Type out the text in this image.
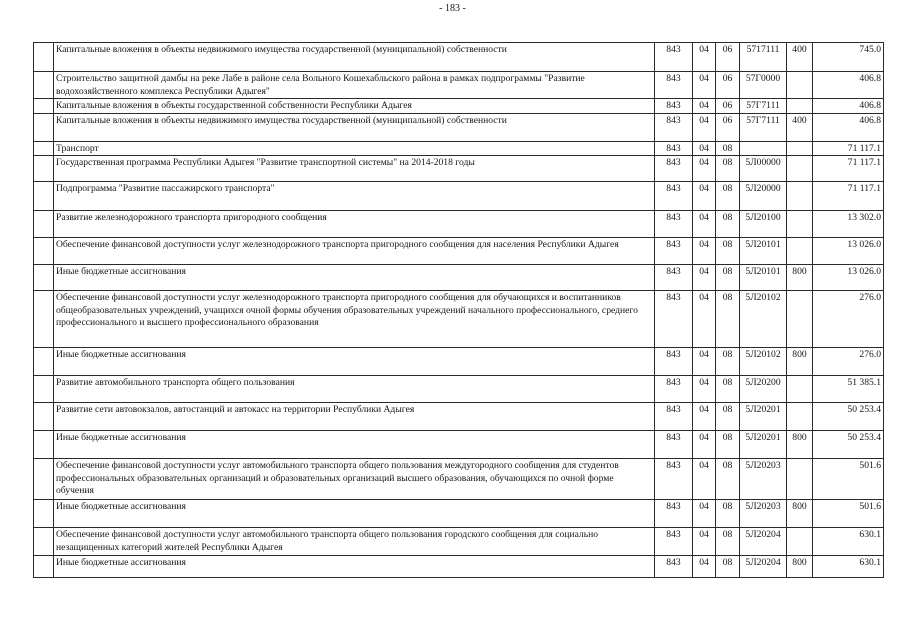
- 183 -
	Капитальные вложения в объекты недвижимого имущества государственной (муниципальной) собственности	843	04	06	5717111	400	745.0
	Строительство защитной дамбы на реке Лабе в районе села Вольного Кошехабльского района в рамках подпрограммы "Развитие водохозяйственного комплекса Республики Адыгея"	843	04	06	57Г0000		406.8
	Капитальные вложения в объекты государственной собственности Республики Адыгея	843	04	06	57Г7111		406.8
	Капитальные вложения в объекты недвижимого имущества государственной (муниципальной) собственности	843	04	06	57Г7111	400	406.8
	Транспорт	843	04	08			71 117.1
	Государственная программа Республики Адыгея "Развитие транспортной системы" на 2014-2018 годы	843	04	08	5Л00000		71 117.1
	Подпрограмма "Развитие пассажирского транспорта"	843	04	08	5Л20000		71 117.1
	Развитие железнодорожного транспорта пригородного сообщения	843	04	08	5Л20100		13 302.0
	Обеспечение финансовой доступности услуг железнодорожного транспорта пригородного сообщения для населения Республики Адыгея	843	04	08	5Л20101		13 026.0
	Иные бюджетные ассигнования	843	04	08	5Л20101	800	13 026.0
	Обеспечение финансовой доступности услуг железнодорожного транспорта пригородного сообщения для обучающихся и воспитанников общеобразовательных учреждений, учащихся очной формы обучения образовательных учреждений начального профессионального, среднего профессионального и высшего профессионального образования	843	04	08	5Л20102		276.0
	Иные бюджетные ассигнования	843	04	08	5Л20102	800	276.0
	Развитие автомобильного транспорта общего пользования	843	04	08	5Л20200		51 385.1
	Развитие сети автовокзалов, автостанций и автокасс на территории Республики Адыгея	843	04	08	5Л20201		50 253.4
	Иные бюджетные ассигнования	843	04	08	5Л20201	800	50 253.4
	Обеспечение финансовой доступности услуг автомобильного транспорта общего пользования междугородного сообщения для студентов профессиональных образовательных организаций и образовательных организаций высшего образования, обучающихся по очной форме обучения	843	04	08	5Л20203		501.6
	Иные бюджетные ассигнования	843	04	08	5Л20203	800	501.6
	Обеспечение финансовой доступности услуг автомобильного транспорта общего пользования городского сообщения для социально незащищенных категорий жителей Республики Адыгея	843	04	08	5Л20204		630.1
	Иные бюджетные ассигнования	843	04	08	5Л20204	800	630.1
